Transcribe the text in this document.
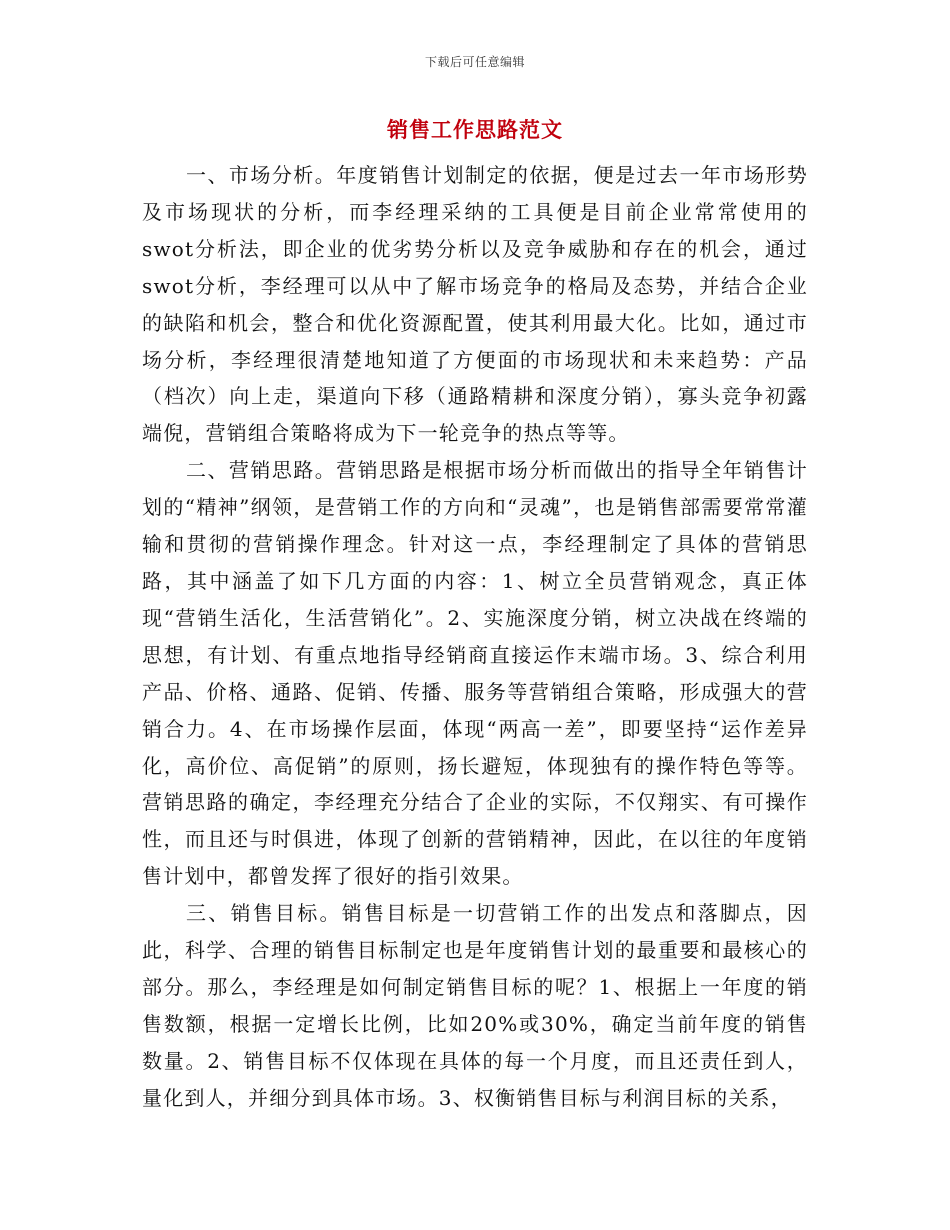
下载后可任意编辑
销售工作思路范文

一、市场分析。年度销售计划制定的依据，便是过去一年市场形势及市场现状的分析，而李经理采纳的工具便是目前企业常常使用的swot分析法，即企业的优劣势分析以及竞争威胁和存在的机会，通过swot分析，李经理可以从中了解市场竞争的格局及态势，并结合企业的缺陷和机会，整合和优化资源配置，使其利用最大化。比如，通过市场分析，李经理很清楚地知道了方便面的市场现状和未来趋势：产品（档次）向上走，渠道向下移（通路精耕和深度分销），寡头竞争初露端倪，营销组合策略将成为下一轮竞争的热点等等。

二、营销思路。营销思路是根据市场分析而做出的指导全年销售计划的“精神”纲领，是营销工作的方向和“灵魂”，也是销售部需要常常灌输和贯彻的营销操作理念。针对这一点，李经理制定了具体的营销思路，其中涵盖了如下几方面的内容：1、树立全员营销观念，真正体现“营销生活化，生活营销化”。2、实施深度分销，树立决战在终端的思想，有计划、有重点地指导经销商直接运作末端市场。3、综合利用产品、价格、通路、促销、传播、服务等营销组合策略，形成强大的营销合力。4、在市场操作层面，体现“两高一差”，即要坚持“运作差异化，高价位、高促销”的原则，扬长避短，体现独有的操作特色等等。营销思路的确定，李经理充分结合了企业的实际，不仅翔实、有可操作性，而且还与时俱进，体现了创新的营销精神，因此，在以往的年度销售计划中，都曾发挥了很好的指引效果。

三、销售目标。销售目标是一切营销工作的出发点和落脚点，因此，科学、合理的销售目标制定也是年度销售计划的最重要和最核心的部分。那么，李经理是如何制定销售目标的呢？1、根据上一年度的销售数额，根据一定增长比例，比如20%或30%，确定当前年度的销售数量。2、销售目标不仅体现在具体的每一个月度，而且还责任到人，量化到人，并细分到具体市场。3、权衡销售目标与利润目标的关系，
